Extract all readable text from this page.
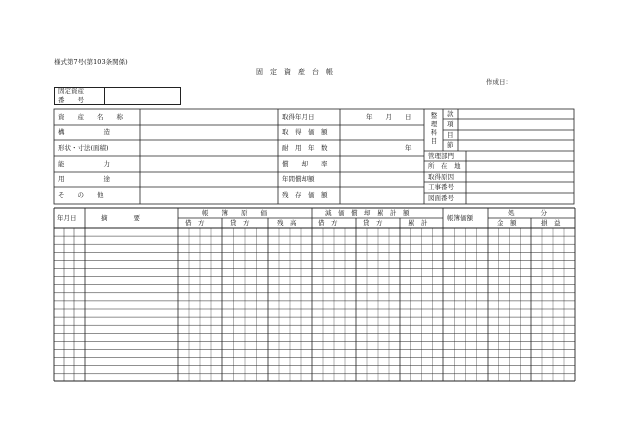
様式第7号(第103条関係)
固　定　資　産　台　帳
作成日：
固定資産
番　　号
資　　産　　名　　称
構　　　　　　造
形状・寸法(面積)
能　　　　　　力
用　　　　　　途
そ　　の　　他
取得年月日
取　得　価　額
耐　用　年　数
償　　却　　率
年間償却額
残　存　価　額
年　　月　　日
年
整理科目 款
項
目
節
管理部門
所　在　地
取得原因
工事番号
図面番号
年月日	摘　　　　要
帳　　簿　　原　　価
借　方	貸　方	残　高
減　価　償　却　累　計　額
借　方	貸　方	累　計
帳簿価額
処　　　　分
金　額	損　益
